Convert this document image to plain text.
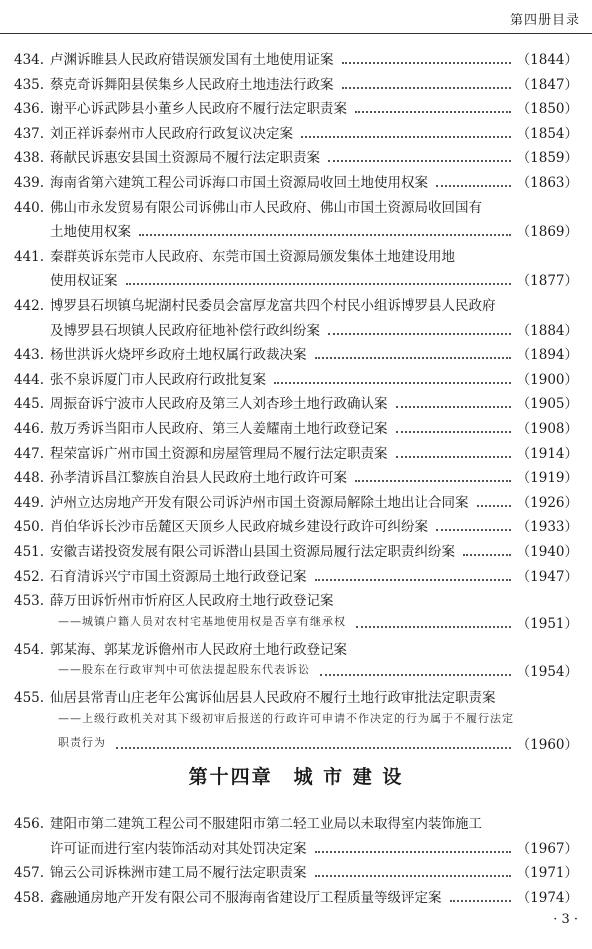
第四册目录
434. 卢渊诉睢县人民政府错误颁发国有土地使用证案	（1844）
435. 蔡克奇诉舞阳县侯集乡人民政府土地违法行政案	（1847）
436. 谢平心诉武陟县小董乡人民政府不履行法定职责案	（1850）
437. 刘正祥诉泰州市人民政府行政复议决定案	（1854）
438. 蒋献民诉惠安县国土资源局不履行法定职责案	（1859）
439. 海南省第六建筑工程公司诉海口市国土资源局收回土地使用权案	（1863）
440. 佛山市永发贸易有限公司诉佛山市人民政府、佛山市国土资源局收回国有
土地使用权案	（1869）
441. 秦群英诉东莞市人民政府、东莞市国土资源局颁发集体土地建设用地
使用权证案	（1877）
442. 博罗县石坝镇乌坭湖村民委员会富厚龙富共四个村民小组诉博罗县人民政府
及博罗县石坝镇人民政府征地补偿行政纠纷案	（1884）
443. 杨世洪诉火烧坪乡政府土地权属行政裁决案	（1894）
444. 张不泉诉厦门市人民政府行政批复案	（1900）
445. 周振奋诉宁波市人民政府及第三人刘杏珍土地行政确认案	（1905）
446. 敖万秀诉当阳市人民政府、第三人姜耀南土地行政登记案	（1908）
447. 程荣富诉广州市国土资源和房屋管理局不履行法定职责案	（1914）
448. 孙孝清诉昌江黎族自治县人民政府土地行政许可案	（1919）
449. 泸州立达房地产开发有限公司诉泸州市国土资源局解除土地出让合同案	（1926）
450. 肖伯华诉长沙市岳麓区天顶乡人民政府城乡建设行政许可纠纷案	（1933）
451. 安徽吉诺投资发展有限公司诉潜山县国土资源局履行法定职责纠纷案	（1940）
452. 石育清诉兴宁市国土资源局土地行政登记案	（1947）
453. 薛万田诉忻州市忻府区人民政府土地行政登记案
——城镇户籍人员对农村宅基地使用权是否享有继承权	（1951）
454. 郭某海、郭某龙诉儋州市人民政府土地行政登记案
——股东在行政审判中可依法提起股东代表诉讼	（1954）
455. 仙居县常青山庄老年公寓诉仙居县人民政府不履行土地行政审批法定职责案
——上级行政机关对其下级初审后报送的行政许可申请不作决定的行为属于不履行法定
职责行为	（1960）
第十四章　城 市 建 设
456. 建阳市第二建筑工程公司不服建阳市第二轻工业局以未取得室内装饰施工
许可证而进行室内装饰活动对其处罚决定案	（1967）
457. 锦云公司诉株洲市建工局不履行法定职责案	（1971）
458. 鑫融通房地产开发有限公司不服海南省建设厅工程质量等级评定案	（1974）
· 3 ·
